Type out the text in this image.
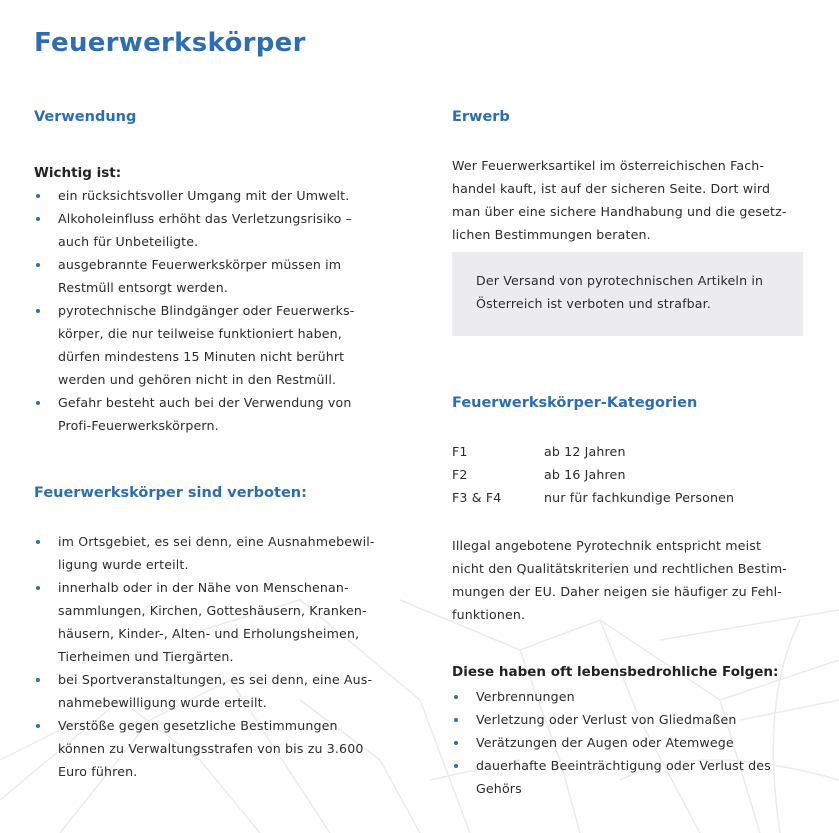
Feuerwerkskörper
Verwendung
Wichtig ist:
ein rücksichtsvoller Umgang mit der Umwelt.
Alkoholeinfluss erhöht das Verletzungsrisiko –
auch für Unbeteiligte.
ausgebrannte Feuerwerkskörper müssen im
Restmüll entsorgt werden.
pyrotechnische Blindgänger oder Feuerwerks-
körper, die nur teilweise funktioniert haben,
dürfen mindestens 15 Minuten nicht berührt
werden und gehören nicht in den Restmüll.
Gefahr besteht auch bei der Verwendung von
Profi-Feuerwerkskörpern.
Feuerwerkskörper sind verboten:
im Ortsgebiet, es sei denn, eine Ausnahmebewil-
ligung wurde erteilt.
innerhalb oder in der Nähe von Menschenan-
sammlungen, Kirchen, Gotteshäusern, Kranken-
häusern, Kinder-, Alten- und Erholungsheimen,
Tierheimen und Tiergärten.
bei Sportveranstaltungen, es sei denn, eine Aus-
nahmebewilligung wurde erteilt.
Verstöße gegen gesetzliche Bestimmungen
können zu Verwaltungsstrafen von bis zu 3.600
Euro führen.
Erwerb

Wer Feuerwerksartikel im österreichischen Fach-
handel kauft, ist auf der sicheren Seite. Dort wird
man über eine sichere Handhabung und die gesetz-
lichen Bestimmungen beraten.

Der Versand von pyrotechnischen Artikeln in
Österreich ist verboten und strafbar.
Feuerwerkskörper-Kategorien
F1	ab 12 Jahren
F2	ab 16 Jahren
F3 & F4	nur für fachkundige Personen

Illegal angebotene Pyrotechnik entspricht meist
nicht den Qualitätskriterien und rechtlichen Bestim-
mungen der EU. Daher neigen sie häufiger zu Fehl-
funktionen.

Diese haben oft lebensbedrohliche Folgen:
Verbrennungen
Verletzung oder Verlust von Gliedmaßen
Verätzungen der Augen oder Atemwege
dauerhafte Beeinträchtigung oder Verlust des
Gehörs
